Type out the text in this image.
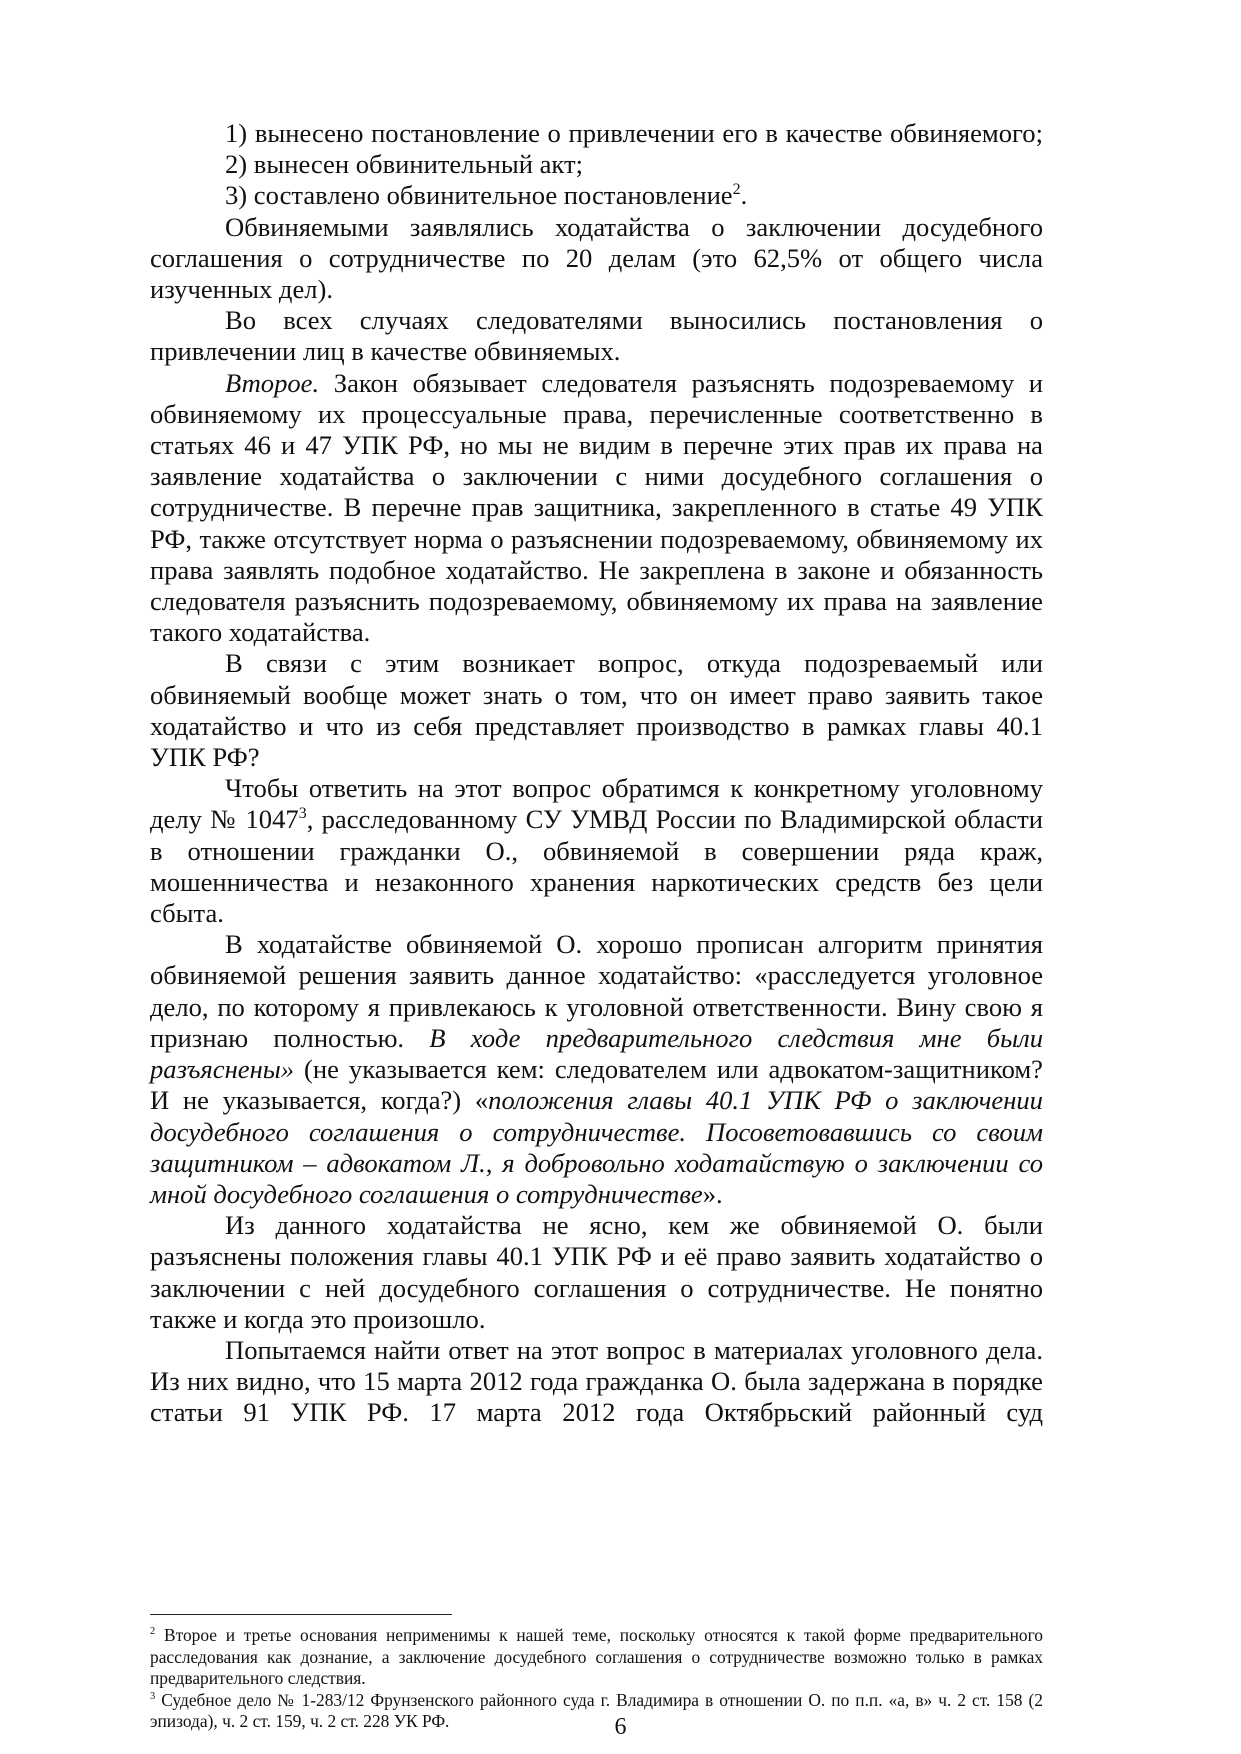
1) вынесено постановление о привлечении его в качестве обвиняемого;

2) вынесен обвинительный акт;

3) составлено обвинительное постановление$^2$.

Обвиняемыми заявлялись ходатайства о заключении досудебного соглашения о сотрудничестве по 20 делам (это 62,5% от общего числа изученных дел).

Во всех случаях следователями выносились постановления о привлечении лиц в качестве обвиняемых.

Второе. Закон обязывает следователя разъяснять подозреваемому и обвиняемому их процессуальные права, перечисленные соответственно в статьях 46 и 47 УПК РФ, но мы не видим в перечне этих прав их права на заявление ходатайства о заключении с ними досудебного соглашения о сотрудничестве. В перечне прав защитника, закрепленного в статье 49 УПК РФ, также отсутствует норма о разъяснении подозреваемому, обвиняемому их права заявлять подобное ходатайство. Не закреплена в законе и обязанность следователя разъяснить подозреваемому, обвиняемому их права на заявление такого ходатайства.

В связи с этим возникает вопрос, откуда подозреваемый или обвиняемый вообще может знать о том, что он имеет право заявить такое ходатайство и что из себя представляет производство в рамках главы 40.1 УПК РФ?

Чтобы ответить на этот вопрос обратимся к конкретному уголовному делу № 1047$^3$, расследованному СУ УМВД России по Владимирской области в отношении гражданки О., обвиняемой в совершении ряда краж, мошенничества и незаконного хранения наркотических средств без цели сбыта.

В ходатайстве обвиняемой О. хорошо прописан алгоритм принятия обвиняемой решения заявить данное ходатайство: «расследуется уголовное дело, по которому я привлекаюсь к уголовной ответственности. Вину свою я признаю полностью. В ходе предварительного следствия мне были разъяснены» (не указывается кем: следователем или адвокатом-защитником? И не указывается, когда?) «положения главы 40.1 УПК РФ о заключении досудебного соглашения о сотрудничестве. Посоветовавшись со своим защитником – адвокатом Л., я добровольно ходатайствую о заключении со мной досудебного соглашения о сотрудничестве».

Из данного ходатайства не ясно, кем же обвиняемой О. были разъяснены положения главы 40.1 УПК РФ и её право заявить ходатайство о заключении с ней досудебного соглашения о сотрудничестве. Не понятно также и когда это произошло.

Попытаемся найти ответ на этот вопрос в материалах уголовного дела. Из них видно, что 15 марта 2012 года гражданка О. была задержана в порядке статьи 91 УПК РФ. 17 марта 2012 года Октябрьский районный суд

$^2$ Второе и третье основания неприменимы к нашей теме, поскольку относятся к такой форме предварительного расследования как дознание, а заключение досудебного соглашения о сотрудничестве возможно только в рамках предварительного следствия.

$^3$ Судебное дело № 1-283/12 Фрунзенского районного суда г. Владимира в отношении О. по п.п. «а, в» ч. 2 ст. 158 (2 эпизода), ч. 2 ст. 159, ч. 2 ст. 228 УК РФ.	6
